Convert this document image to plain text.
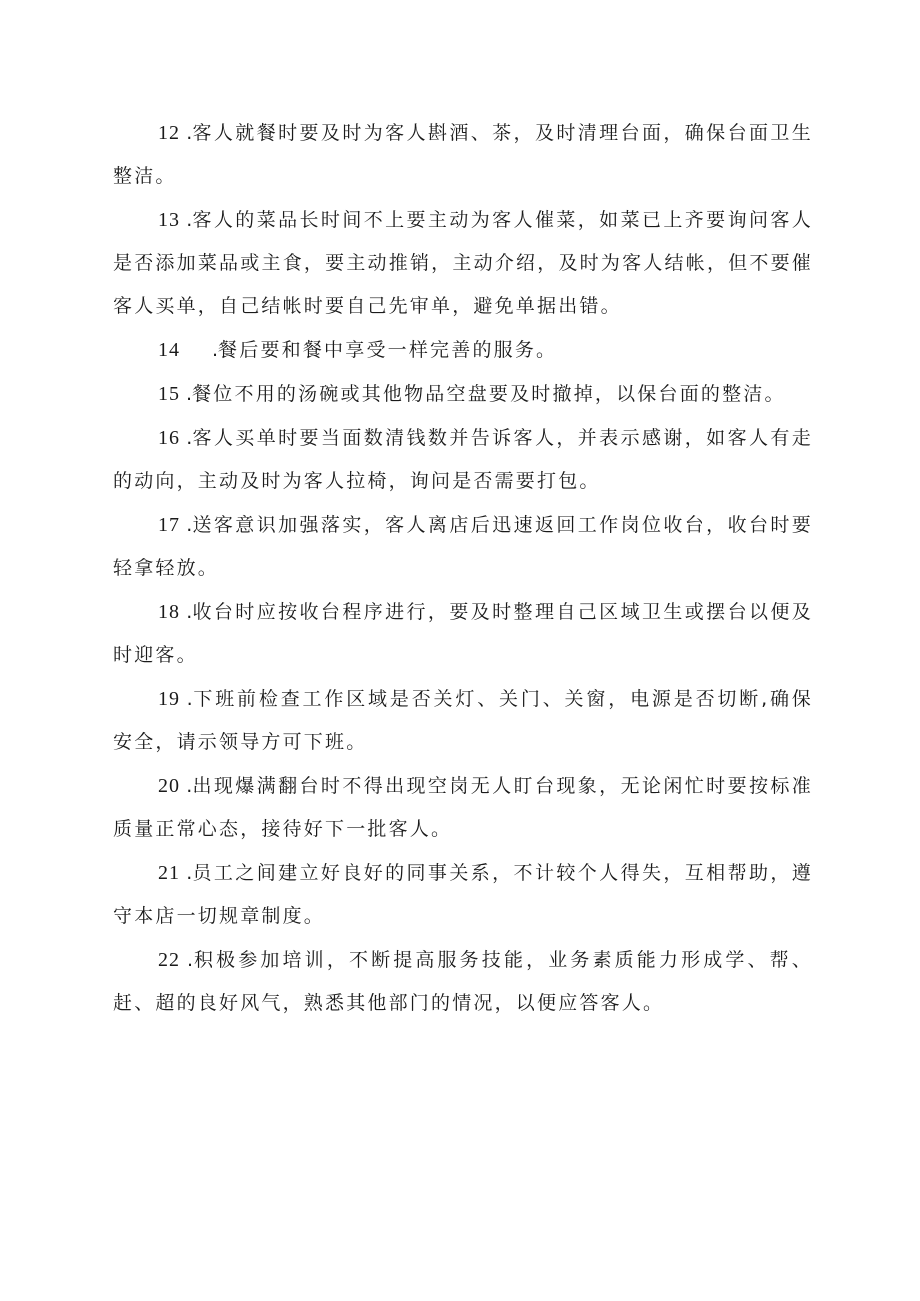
12 .客人就餐时要及时为客人斟酒、茶，及时清理台面，确保台面卫生整洁。

13 .客人的菜品长时间不上要主动为客人催菜，如菜已上齐要询问客人是否添加菜品或主食，要主动推销，主动介绍，及时为客人结帐，但不要催客人买单，自己结帐时要自己先审单，避免单据出错。

14 .餐后要和餐中享受一样完善的服务。

15 .餐位不用的汤碗或其他物品空盘要及时撤掉，以保台面的整洁。

16 .客人买单时要当面数清钱数并告诉客人，并表示感谢，如客人有走的动向，主动及时为客人拉椅，询问是否需要打包。

17 .送客意识加强落实，客人离店后迅速返回工作岗位收台，收台时要轻拿轻放。

18 .收台时应按收台程序进行，要及时整理自己区域卫生或摆台以便及时迎客。

19 .下班前检查工作区域是否关灯、关门、关窗，电源是否切断,确保安全，请示领导方可下班。

20 .出现爆满翻台时不得出现空岗无人盯台现象，无论闲忙时要按标准质量正常心态，接待好下一批客人。

21 .员工之间建立好良好的同事关系，不计较个人得失，互相帮助，遵守本店一切规章制度。

22 .积极参加培训，不断提高服务技能，业务素质能力形成学、帮、赶、超的良好风气，熟悉其他部门的情况，以便应答客人。
